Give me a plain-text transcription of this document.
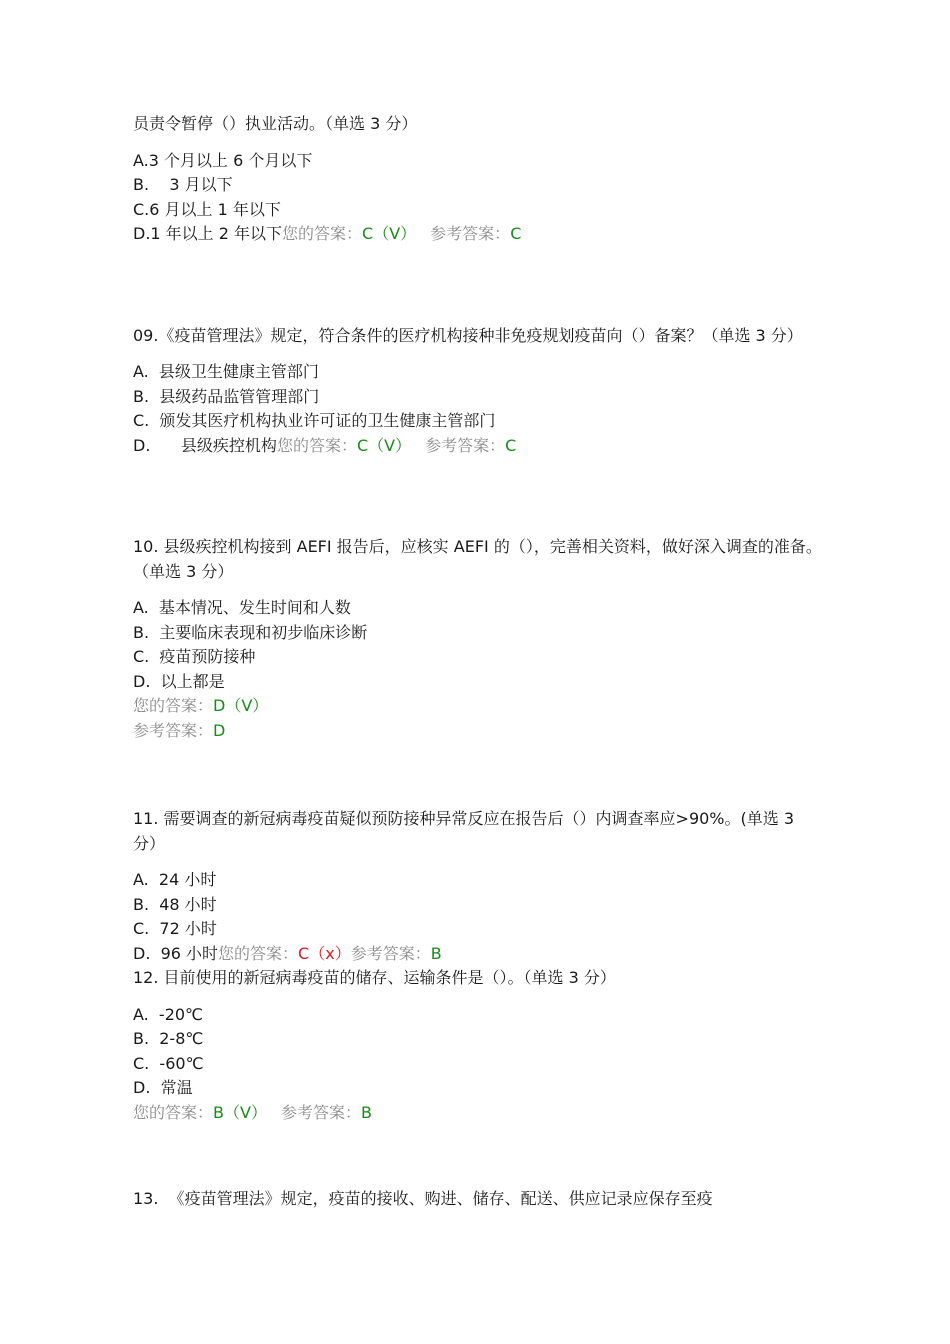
员责令暂停（）执业活动。（单选 3 分）

A.3 个月以上 6 个月以下

B.    3 月以下

C.6 月以上 1 年以下

D.1 年以上 2 年以下您的答案：C（V） 参考答案：C

09.《疫苗管理法》规定，符合条件的医疗机构接种非免疫规划疫苗向（）备案？（单选 3 分）

A.  县级卫生健康主管部门

B.  县级药品监管管理部门

C.  颁发其医疗机构执业许可证的卫生健康主管部门

D.      县级疾控机构您的答案：C（V） 参考答案：C

10. 县级疾控机构接到 AEFI 报告后，应核实 AEFI 的（），完善相关资料，做好深入调查的准备。（单选 3 分）

A.  基本情况、发生时间和人数

B.  主要临床表现和初步临床诊断

C.  疫苗预防接种

D.  以上都是

您的答案：D（V）

参考答案：D

11. 需要调查的新冠病毒疫苗疑似预防接种异常反应在报告后（）内调查率应>90%。(单选 3 分）

A.  24 小时

B.  48 小时

C.  72 小时

D.  96 小时您的答案：C（x）参考答案：B

12. 目前使用的新冠病毒疫苗的储存、运输条件是（）。（单选 3 分）

A.  -20℃

B.  2-8℃

C.  -60℃

D.  常温

您的答案：B（V） 参考答案：B

13.  《疫苗管理法》规定，疫苗的接收、购进、储存、配送、供应记录应保存至疫
